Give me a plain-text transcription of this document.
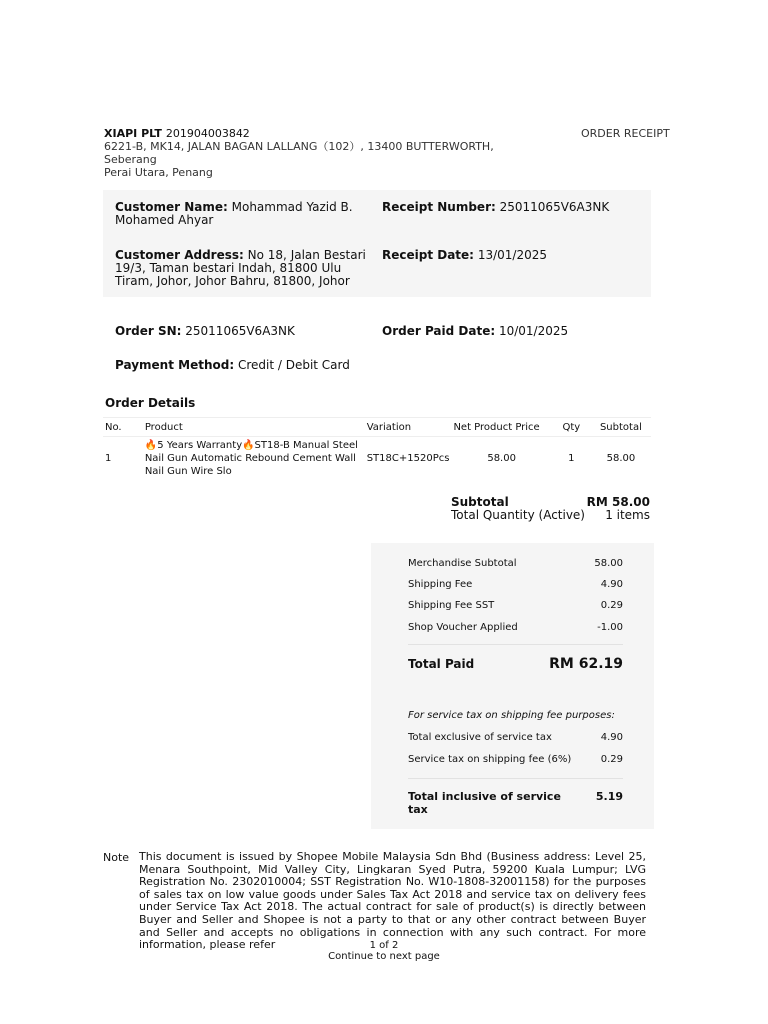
XIAPI PLT 201904003842
6221-B, MK14, JALAN BAGAN LALLANG（102）, 13400 BUTTERWORTH, Seberang
Perai Utara, Penang
ORDER RECEIPT
Customer Name: Mohammad Yazid B.
Mohamed Ahyar
Receipt Number: 25011065V6A3NK
Customer Address: No 18, Jalan Bestari
19/3, Taman bestari Indah, 81800 Ulu
Tiram, Johor, Johor Bahru, 81800, Johor
Receipt Date: 13/01/2025
Order SN: 25011065V6A3NK	Order Paid Date: 10/01/2025
Payment Method: Credit / Debit Card
Order Details
No.	Product	Variation	Net Product Price	Qty	Subtotal
1	🔥5 Years Warranty🔥ST18-B Manual Steel
Nail Gun Automatic Rebound Cement Wall
Nail Gun Wire Slo	ST18C+1520Pcs	58.00	1	58.00
Subtotal	RM 58.00
Total Quantity (Active)	1 items
Merchandise Subtotal	58.00
Shipping Fee	4.90
Shipping Fee SST	0.29
Shop Voucher Applied	-1.00
Total Paid	RM 62.19
For service tax on shipping fee purposes:
Total exclusive of service tax	4.90
Service tax on shipping fee (6%)	0.29
Total inclusive of service
tax
5.19
Note This document is issued by Shopee Mobile Malaysia Sdn Bhd (Business address: Level 25, Menara Southpoint, Mid Valley City, Lingkaran Syed Putra, 59200 Kuala Lumpur; LVG Registration No. 2302010004; SST Registration No. W10-1808-32001158) for the purposes of sales tax on low value goods under Sales Tax Act 2018 and service tax on delivery fees under Service Tax Act 2018. The actual contract for sale of product(s) is directly between Buyer and Seller and Shopee is not a party to that or any other contract between Buyer and Seller and accepts no obligations in connection with any such contract. For more information, please refer	1 of 2
Continue to next page
